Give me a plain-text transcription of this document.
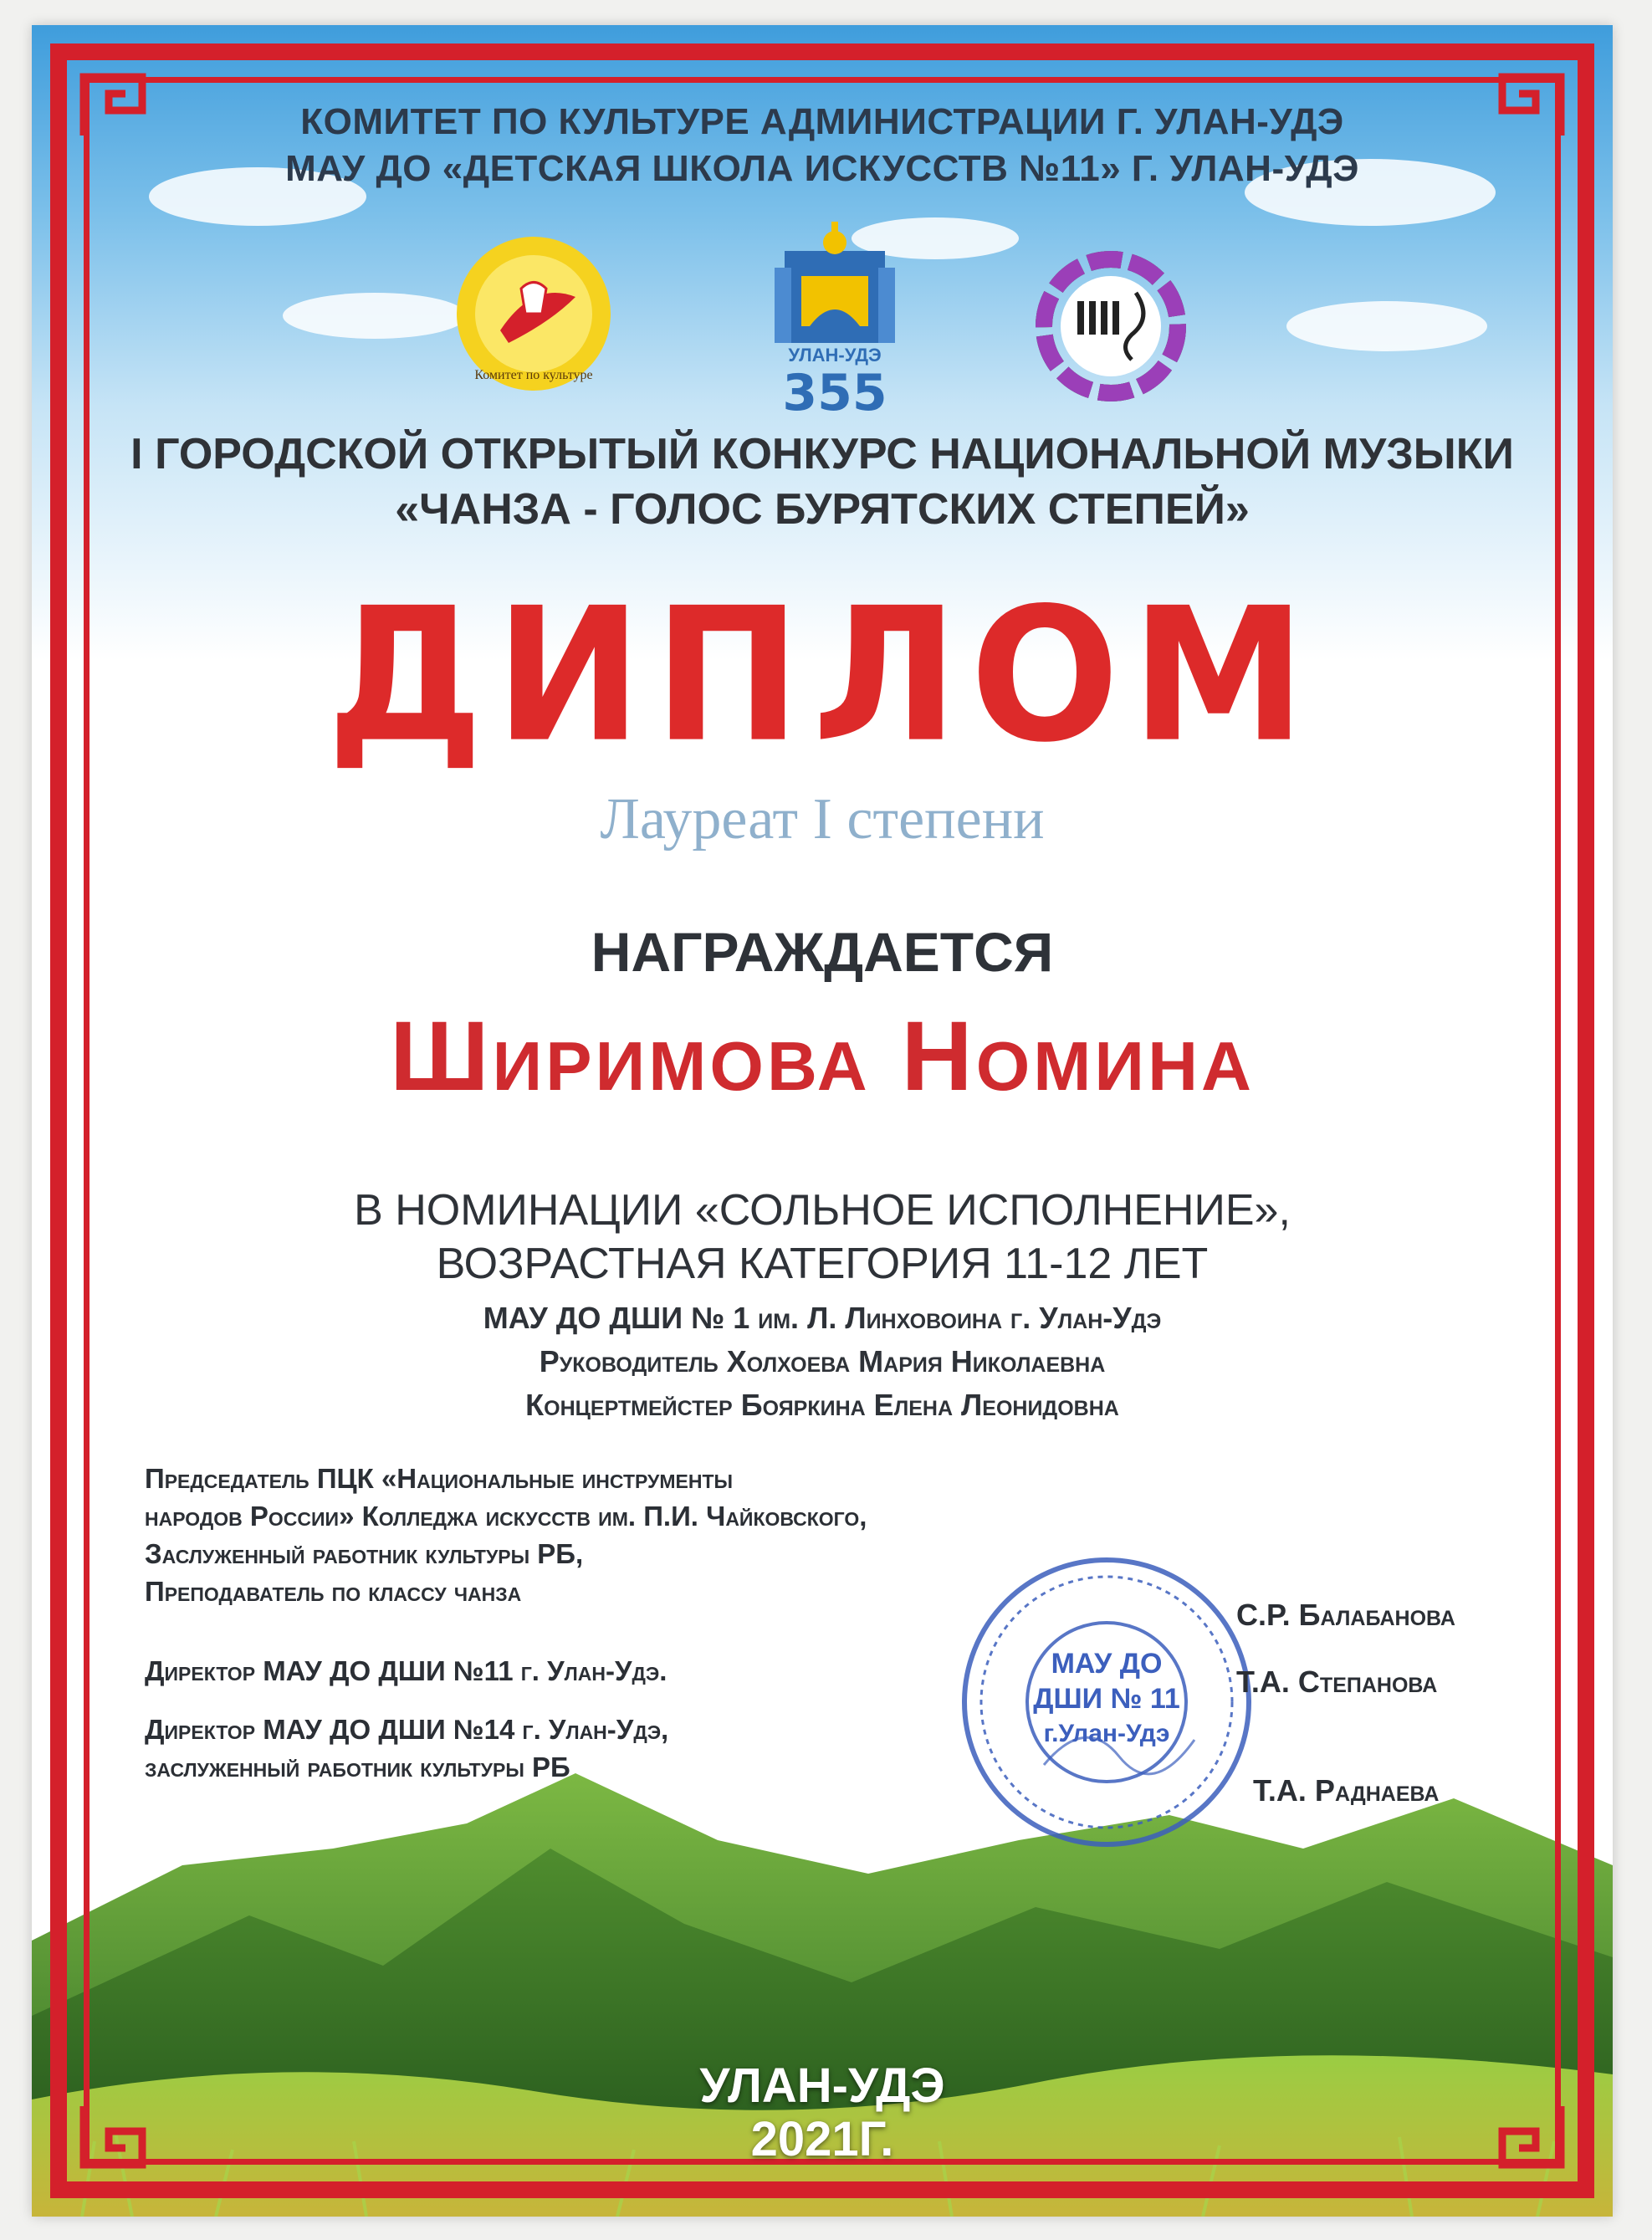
КОМИТЕТ ПО КУЛЬТУРЕ АДМИНИСТРАЦИИ Г. УЛАН-УДЭ
МАУ ДО «ДЕТСКАЯ ШКОЛА ИСКУССТВ №11» Г. УЛАН-УДЭ
Комитет по культуре
УЛАН-УДЭ
355
I ГОРОДСКОЙ ОТКРЫТЫЙ КОНКУРС НАЦИОНАЛЬНОЙ МУЗЫКИ
«ЧАНЗА - ГОЛОС БУРЯТСКИХ СТЕПЕЙ»
ДИПЛОМ
Лауреат I степени
НАГРАЖДАЕТСЯ
Ширимова Номина
В НОМИНАЦИИ «СОЛЬНОЕ ИСПОЛНЕНИЕ»,
ВОЗРАСТНАЯ КАТЕГОРИЯ 11-12 ЛЕТ
МАУ ДО ДШИ № 1 им. Л. Линховоина г. Улан-Удэ
Руководитель Холхоева Мария Николаевна
Концертмейстер Бояркина Елена Леонидовна
Председатель ПЦК «Национальные инструменты
народов России» Колледжа искусств им. П.И. Чайковского,
Заслуженный работник культуры РБ,
Преподаватель по классу чанза
Директор МАУ ДО ДШИ №11 г. Улан-Удэ.
Директор МАУ ДО ДШИ №14 г. Улан-Удэ,
заслуженный работник культуры РБ
МАУ ДО
ДШИ № 11
г.Улан-Удэ
С.Р. Балабанова
Т.А. Степанова
Т.А. Раднаева
УЛАН-УДЭ
2021Г.
